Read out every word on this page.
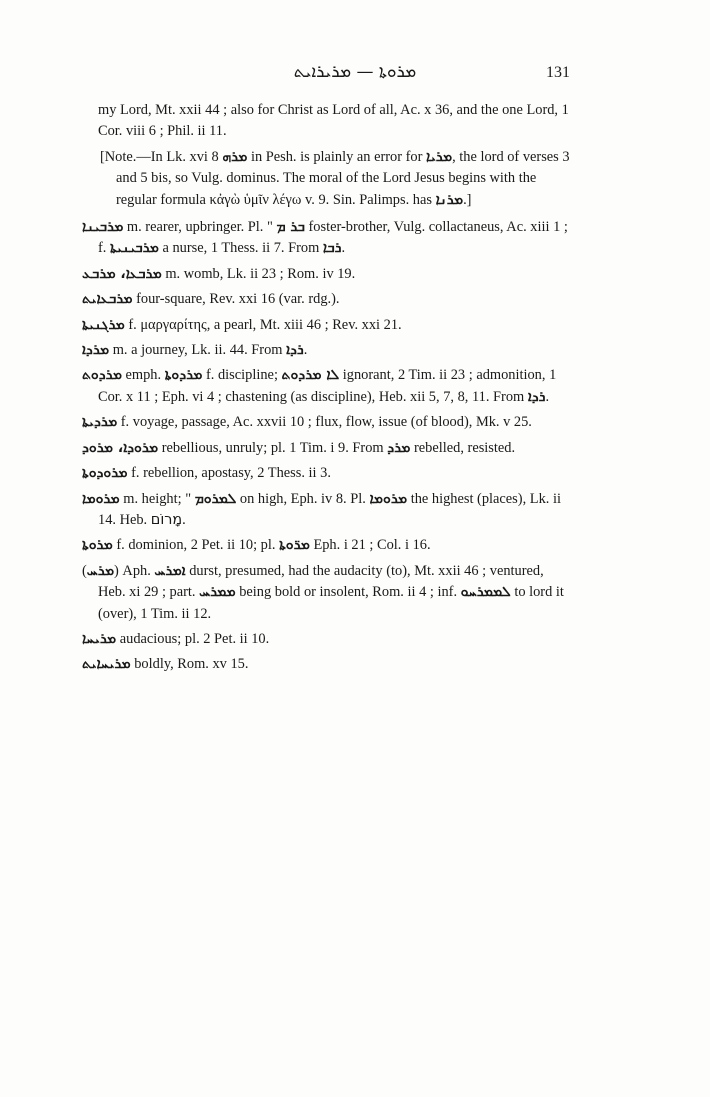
ܡܪܘܬܐ — ܡܪܝܪܐܝܬ	131

my Lord, Mt. xxii 44 ; also for Christ as Lord of all, Ac. x 36, and the one Lord, 1 Cor. viii 6 ; Phil. ii 11.

[Note.—In Lk. xvi 8 ܡܪܗ in Pesh. is plainly an error for ܡܪܝܐ, the lord of verses 3 and 5 bis, so Vulg. dominus. The moral of the Lord Jesus begins with the regular formula κἀγὼ ὑμῖν λέγω v. 9. Sin. Palimps. has ܡܪܢܐ.]

ܡܪܒܝܢܐ m. rearer, upbringer. Pl. " ܒܪ ܡ foster-brother, Vulg. collactaneus, Ac. xiii 1 ; f. ܡܪܒܝܢܝܬܐ a nurse, 1 Thess. ii 7. From ܪܒܐ.

ܡܪܒܥܐ، ܡܪܒܥ m. womb, Lk. ii 23 ; Rom. iv 19.

ܡܪܒܥܐܝܬ four-square, Rev. xxi 16 (var. rdg.).

ܡܪܓܢܝܬܐ f. μαργαρίτης, a pearl, Mt. xiii 46 ; Rev. xxi 21.

ܡܪܕܐ m. a journey, Lk. ii. 44. From ܪܕܐ.

ܡܪܕܘܬ emph. ܡܪܕܘܬܐ f. discipline; ܠܐ ܡܪܕܘܬ ignorant, 2 Tim. ii 23 ; admonition, 1 Cor. x 11 ; Eph. vi 4 ; chastening (as discipline), Heb. xii 5, 7, 8, 11. From ܪܕܐ.

ܡܪܕܝܬܐ f. voyage, passage, Ac. xxvii 10 ; flux, flow, issue (of blood), Mk. v 25.

ܡܪܘܕܐ، ܡܪܘܕ rebellious, unruly; pl. 1 Tim. i 9. From ܡܪܕ rebelled, resisted.

ܡܪܘܕܘܬܐ f. rebellion, apostasy, 2 Thess. ii 3.

ܡܪܘܡܐ m. height; " ܠܡܪܘܡ on high, Eph. iv 8. Pl. ܡܪܘܡܐ the highest (places), Lk. ii 14. Heb. מָרוֹם.

ܡܪܘܬܐ f. dominion, 2 Pet. ii 10; pl. ܡܪ̈ܘܬܐ Eph. i 21 ; Col. i 16.

(ܡܪܚ) Aph. ܐܡܪܚ durst, presumed, had the audacity (to), Mt. xxii 46 ; ventured, Heb. xi 29 ; part. ܡܡܪܚ being bold or insolent, Rom. ii 4 ; inf. ܠܡܡܪܚܘ to lord it (over), 1 Tim. ii 12.

ܡܪܝܚܐ audacious; pl. 2 Pet. ii 10.

ܡܪܝܚܐܝܬ boldly, Rom. xv 15.
